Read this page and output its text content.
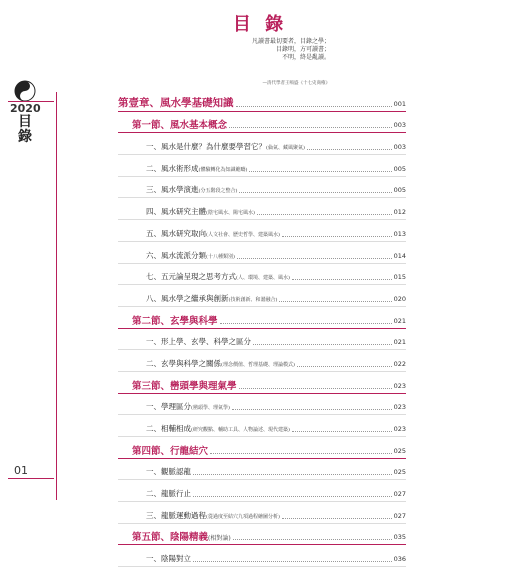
目 錄
凡讀書最切要者，目錄之學；
目錄明，方可讀書；
不明，終是亂讀。
—清代學者王鳴盛《十七史商榷》
2020
目錄
01
第壹章、風水學基礎知識	001
第一節、風水基本概念	003
一、風水是什麼？為什麼要學習它？(倫氣、藏風聚氣)	003
二、風水術形成(體驗轉化為知識範疇)	005
三、風水學演進(分五階段之整合)	005
四、風水研究主體(陰宅風水、陽宅風水)	012
五、風水研究取向(人文社會、歷史哲學、建築風水)	013
六、風水流派分類(十八種類別)	014
七、五元論呈現之思考方式(人、環境、建築、風水)	015
八、風水學之繼承與創新(技術創新、和諧融合)	020
第二節、玄學與科學	021
一、形上學、玄學、科學之區分	021
二、玄學與科學之關係(理念價值、哲理基礎、理論模式)	022
第三節、巒頭學與理氣學	023
一、學理區分(巒頭學、理氣學)	023
二、相輔相成(研究觀點、輔助工具、人物論述、現代建築)	023
第四節、行龍結穴	025
一、觀脈認龍	025
二、龍脈行止	027
三、龍脈運動過程(從過度至結穴九項過程繪圖分析)	027
第五節、陰陽精義(相對論)	035
一、陰陽對立	036
